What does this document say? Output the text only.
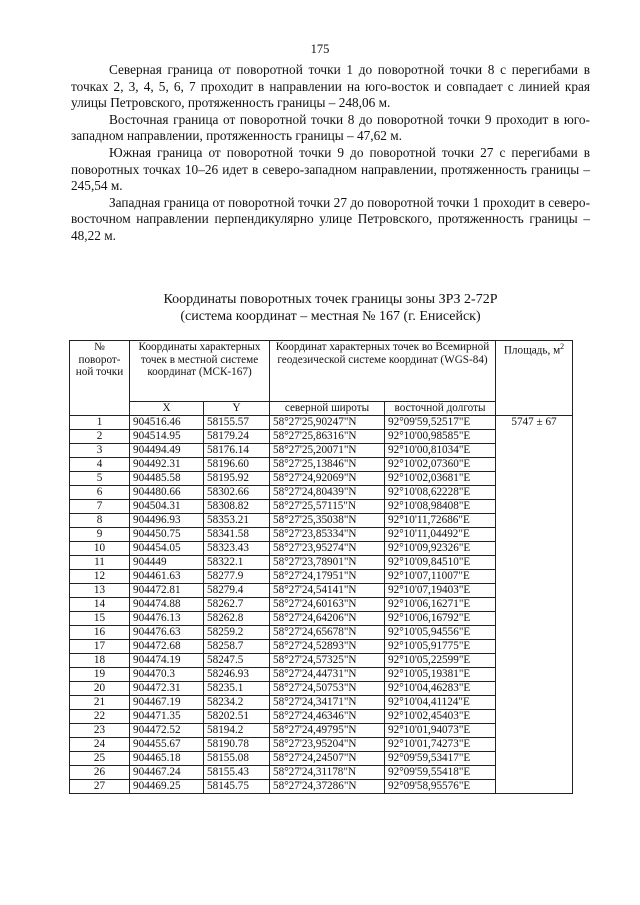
175

Северная граница от поворотной точки 1 до поворотной точки 8 с перегибами в точках 2, 3, 4, 5, 6, 7 проходит в направлении на юго-восток и совпадает с линией края улицы Петровского, протяженность границы – 248,06 м.

Восточная граница от поворотной точки 8 до поворотной точки 9 проходит в юго-западном направлении, протяженность границы – 47,62 м.

Южная граница от поворотной точки 9 до поворотной точки 27 с перегибами в поворотных точках 10–26 идет в северо-западном направлении, протяженность границы – 245,54 м.

Западная граница от поворотной точки 27 до поворотной точки 1 проходит в северо-восточном направлении перпендикулярно улице Петровского, протяженность границы – 48,22 м.

Координаты поворотных точек границы зоны ЗРЗ 2-72Р
(система координат – местная № 167 (г. Енисейск)
№ поворот-ной точки	Координаты характерных точек в местной системе координат (МСК-167)		Координат характерных точек во Всемирной геодезической системе координат (WGS-84)		Площадь, $м^2$
	X	Y	северной широты	восточной долготы	
1	904516.46	58155.57	58°27'25,90247"N	92°09'59,52517"E	5747 ± 67
2	904514.95	58179.24	58°27'25,86316"N	92°10'00,98585"E	
3	904494.49	58176.14	58°27'25,20071"N	92°10'00,81034"E	
4	904492.31	58196.60	58°27'25,13846"N	92°10'02,07360"E	
5	904485.58	58195.92	58°27'24,92069"N	92°10'02,03681"E	
6	904480.66	58302.66	58°27'24,80439"N	92°10'08,62228"E	
7	904504.31	58308.82	58°27'25,57115"N	92°10'08,98408"E	
8	904496.93	58353.21	58°27'25,35038"N	92°10'11,72686"E	
9	904450.75	58341.58	58°27'23,85334"N	92°10'11,04492"E	
10	904454.05	58323.43	58°27'23,95274"N	92°10'09,92326"E	
11	904449	58322.1	58°27'23,78901"N	92°10'09,84510"E	
12	904461.63	58277.9	58°27'24,17951"N	92°10'07,11007"E	
13	904472.81	58279.4	58°27'24,54141"N	92°10'07,19403"E	
14	904474.88	58262.7	58°27'24,60163"N	92°10'06,16271"E	
15	904476.13	58262.8	58°27'24,64206"N	92°10'06,16792"E	
16	904476.63	58259.2	58°27'24,65678"N	92°10'05,94556"E	
17	904472.68	58258.7	58°27'24,52893"N	92°10'05,91775"E	
18	904474.19	58247.5	58°27'24,57325"N	92°10'05,22599"E	
19	904470.3	58246.93	58°27'24,44731"N	92°10'05,19381"E	
20	904472.31	58235.1	58°27'24,50753"N	92°10'04,46283"E	
21	904467.19	58234.2	58°27'24,34171"N	92°10'04,41124"E	
22	904471.35	58202.51	58°27'24,46346"N	92°10'02,45403"E	
23	904472.52	58194.2	58°27'24,49795"N	92°10'01,94073"E	
24	904455.67	58190.78	58°27'23,95204"N	92°10'01,74273"E	
25	904465.18	58155.08	58°27'24,24507"N	92°09'59,53417"E	
26	904467.24	58155.43	58°27'24,31178"N	92°09'59,55418"E	
27	904469.25	58145.75	58°27'24,37286"N	92°09'58,95576"E	
